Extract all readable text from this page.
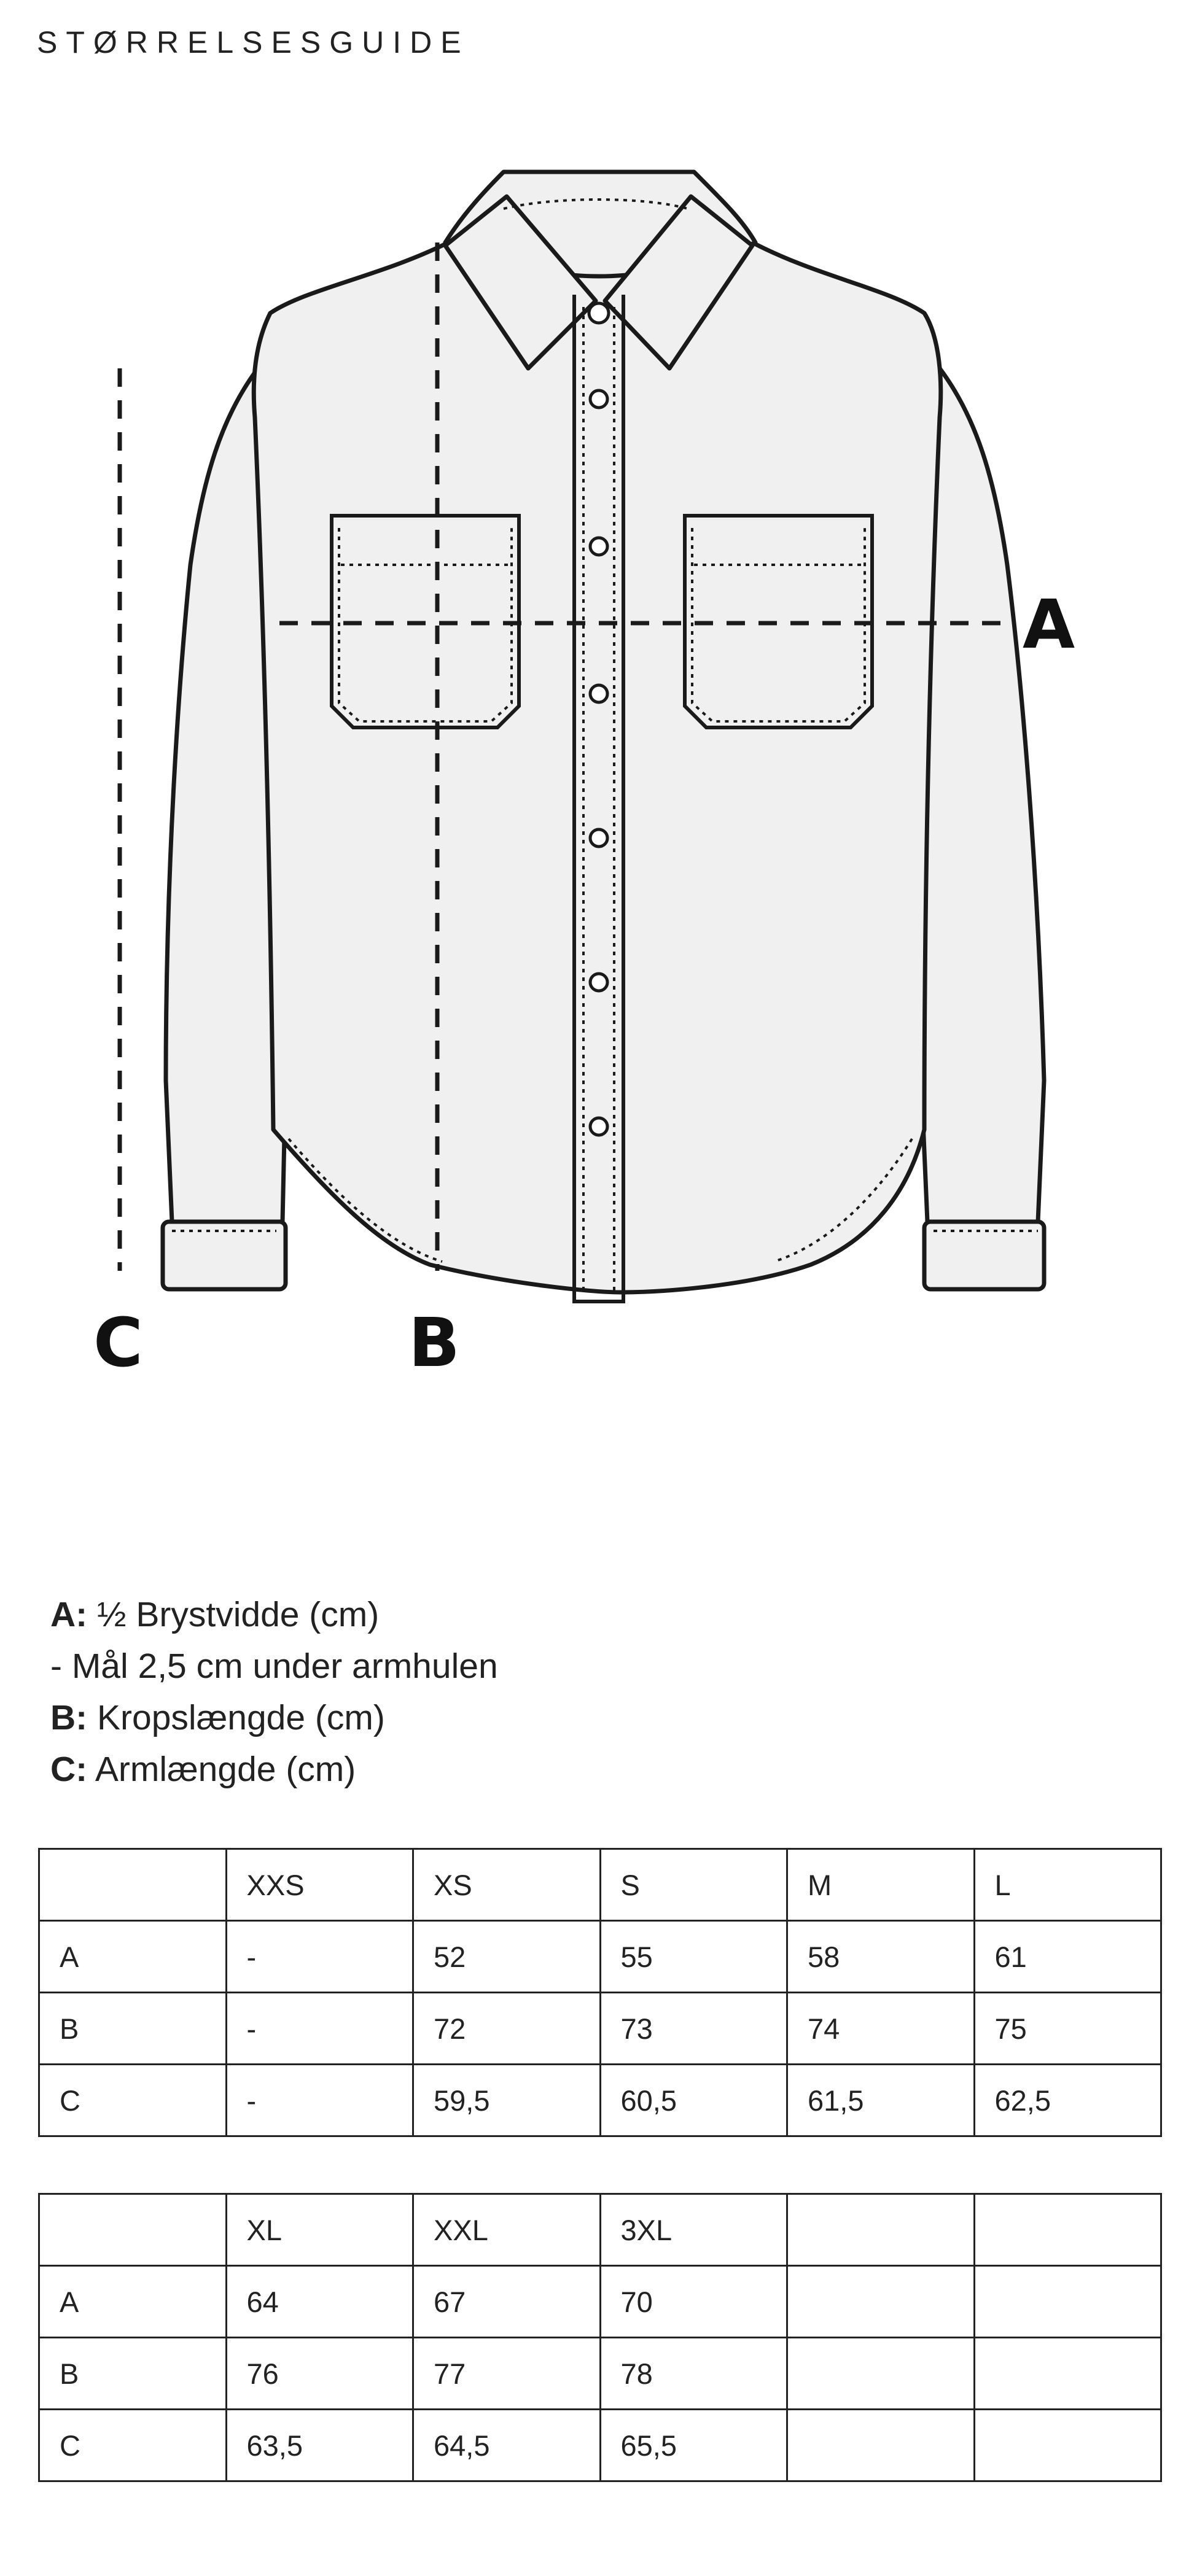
STØRRELSESGUIDE
A
B
C
A: ½ Brystvidde (cm)
- Mål 2,5 cm under armhulen
B: Kropslængde (cm)
C: Armlængde (cm)
	XXS	XS	S	M	L
A	-	52	55	58	61
B	-	72	73	74	75
C	-	59,5	60,5	61,5	62,5
	XL	XXL	3XL		
A	64	67	70		
B	76	77	78		
C	63,5	64,5	65,5		
